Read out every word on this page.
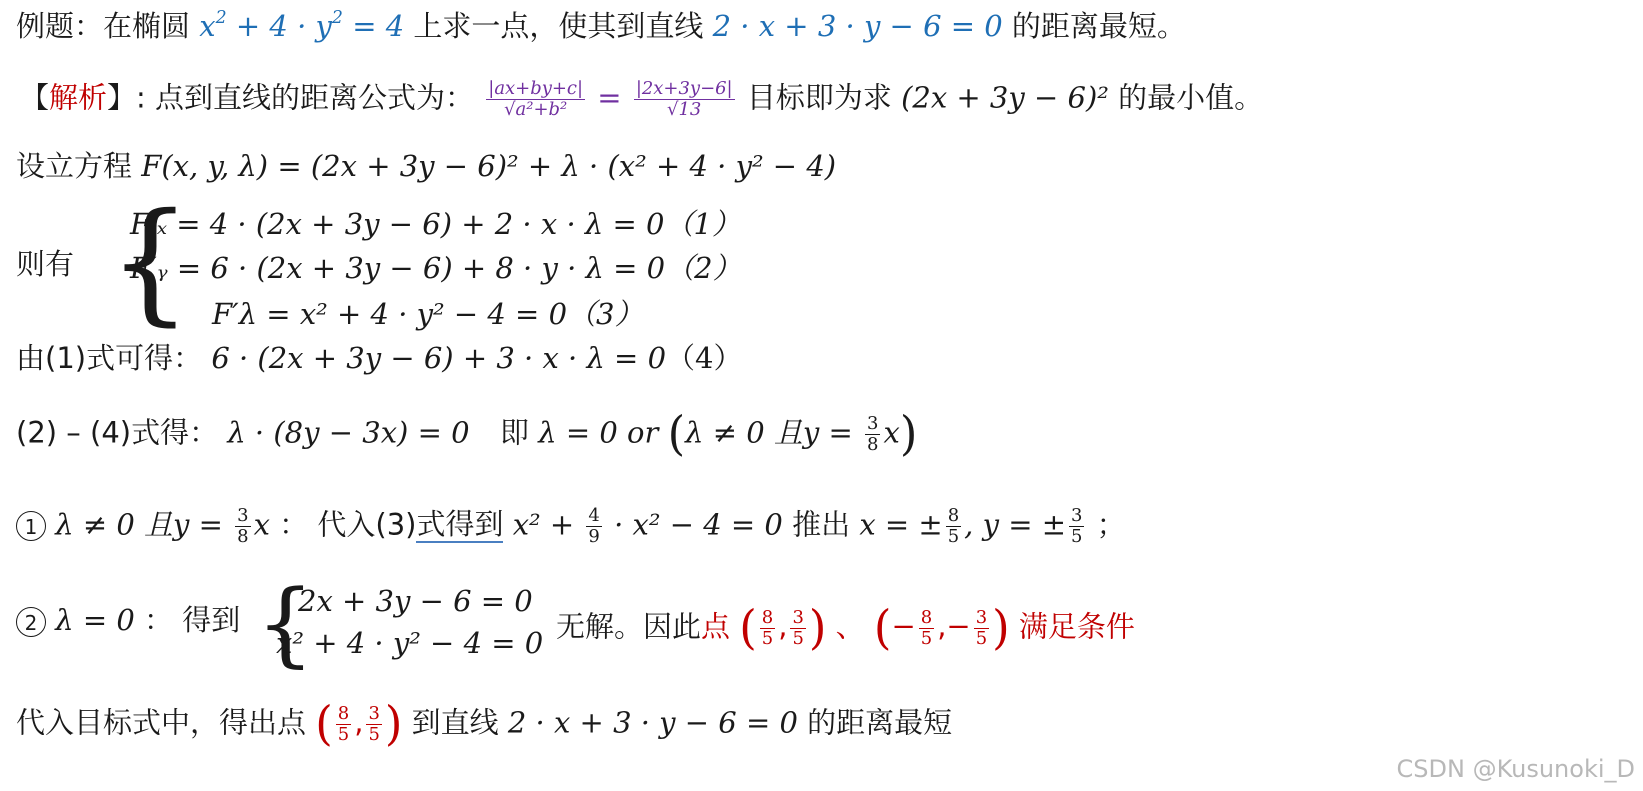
例题：在椭圆 $x^2 + 4 \cdot y^2 = 4$ 上求一点，使其到直线 2 · x + 3 · y − 6 = 0 的距离最短。
【解析】: 点到直线的距离公式为： $\frac{|ax+by+c|}{\text{√a²+b²}} = \frac{|2x+3y-6|}{√13}$ 目标即为求 (2x + 3y − 6)² 的最小值。
设立方程 F(x, y, λ) = (2x + 3y − 6)² + λ · (x² + 4 · y² − 4)
则有 {
F′ₓ = 4 · (2x + 3y − 6) + 2 · x · λ = 0（1）
F′ᵧ = 6 · (2x + 3y − 6) + 8 · y · λ = 0（2）
F′λ = x² + 4 · y² − 4 = 0（3）
由(1)式可得： 6 · (2x + 3y − 6) + 3 · x · λ = 0（4）
(2) – (4)式得： λ · (8y − 3x) = 0 即 λ = 0 or (λ ≠ 0 且$y = \frac{3}{8} x$)
1 λ ≠ 0 且$y = \frac{3}{8}$ x ： 代入(3)式得到 $x^2 + \frac{4}{9} \cdot x^2 - 4 = 0$ 推出 x = ± $\frac{8}{5}$ , y = ± $\frac{3}{5}$ ；
2 λ = 0 ： 得到 {
2x + 3y − 6 = 0
x² + 4 · y² − 4 = 0 无解。因此点 ( $\frac{8}{5}$ , $\frac{3}{5}$ ) 、 (− $\frac{8}{5}$ ,− $\frac{3}{5}$ ) 满足条件
代入目标式中，得出点 ( $\frac{8}{5}$ , $\frac{3}{5}$ ) 到直线 2 · x + 3 · y − 6 = 0 的距离最短
CSDN @Kusunoki_D
